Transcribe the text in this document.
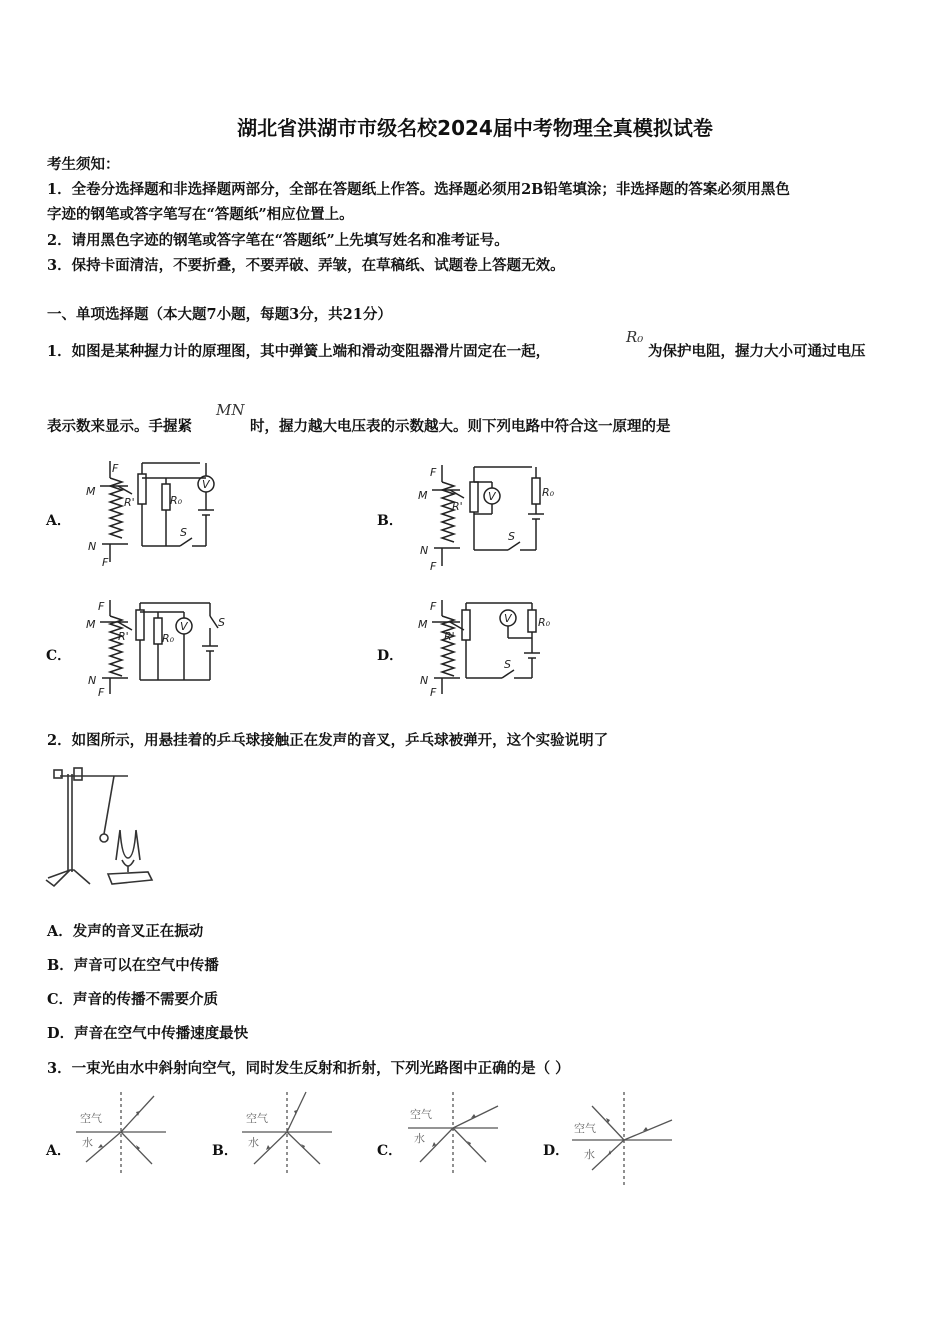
湖北省洪湖市市级名校2024届中考物理全真模拟试卷
考生须知：
1．全卷分选择题和非选择题两部分，全部在答题纸上作答。选择题必须用2B铅笔填涂；非选择题的答案必须用黑色
字迹的钢笔或答字笔写在“答题纸”相应位置上。
2．请用黑色字迹的钢笔或答字笔在“答题纸”上先填写姓名和准考证号。
3．保持卡面清洁，不要折叠，不要弄破、弄皱，在草稿纸、试题卷上答题无效。
一、单项选择题（本大题7小题，每题3分，共21分）
1．如图是某种握力计的原理图，其中弹簧上端和滑动变阻器滑片固定在一起，
R₀
为保护电阻，握力大小可通过电压
表示数来显示。手握紧
MN
时，握力越大电压表的示数越大。则下列电路中符合这一原理的是
A．	B．
C．	D．
M
N
F
F
R'	R₀
V
S
M
N
F
F
R'
R₀
V
S
M
N
F
F
R'	R₀
V	S	M
N
F
F
R'
R₀
V
S
2．如图所示，用悬挂着的乒乓球接触正在发声的音叉，乒乓球被弹开，这个实验说明了
A．发声的音叉正在振动
B．声音可以在空气中传播
C．声音的传播不需要介质
D．声音在空气中传播速度最快
3．一束光由水中斜射向空气，同时发生反射和折射，下列光路图中正确的是（ ）
A．	B．	C．	D．
空气
水
空气
水
空气
水
空气
水
